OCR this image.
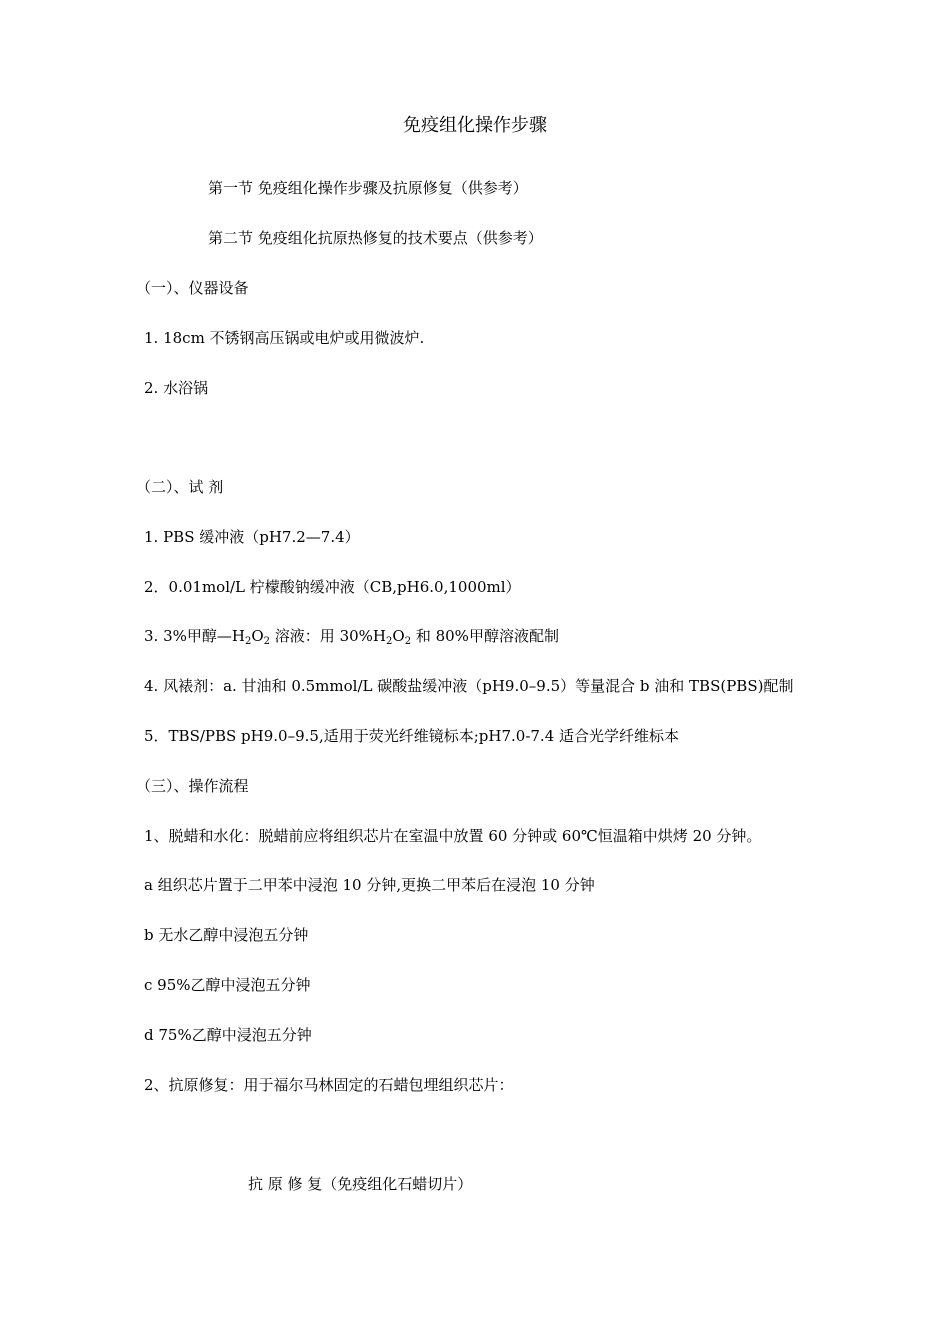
免疫组化操作步骤
第一节 免疫组化操作步骤及抗原修复（供参考）
第二节 免疫组化抗原热修复的技术要点（供参考）
（一）、仪器设备
1. 18cm 不锈钢高压锅或电炉或用微波炉.
2. 水浴锅
（二）、试 剂
1. PBS 缓冲液（pH7.2—7.4）
2．0.01mol/L 柠檬酸钠缓冲液（CB,pH6.0,1000ml）
3. 3%甲醇$—H_2O_2$ 溶液：用 $30\%H_2O_2$ 和 80%甲醇溶液配制
4. 风裱剂：a. 甘油和 0.5mmol/L 碳酸盐缓冲液（pH9.0–9.5）等量混合 b 油和 TBS(PBS)配制
5．TBS/PBS pH9.0–9.5,适用于荧光纤维镜标本;pH7.0-7.4 适合光学纤维标本
（三）、操作流程
1、脱蜡和水化：脱蜡前应将组织芯片在室温中放置 60 分钟或 60℃恒温箱中烘烤 20 分钟。
a 组织芯片置于二甲苯中浸泡 10 分钟,更换二甲苯后在浸泡 10 分钟
b 无水乙醇中浸泡五分钟
c 95%乙醇中浸泡五分钟
d 75%乙醇中浸泡五分钟
2、抗原修复：用于福尔马林固定的石蜡包埋组织芯片：
抗 原 修 复（免疫组化石蜡切片）
